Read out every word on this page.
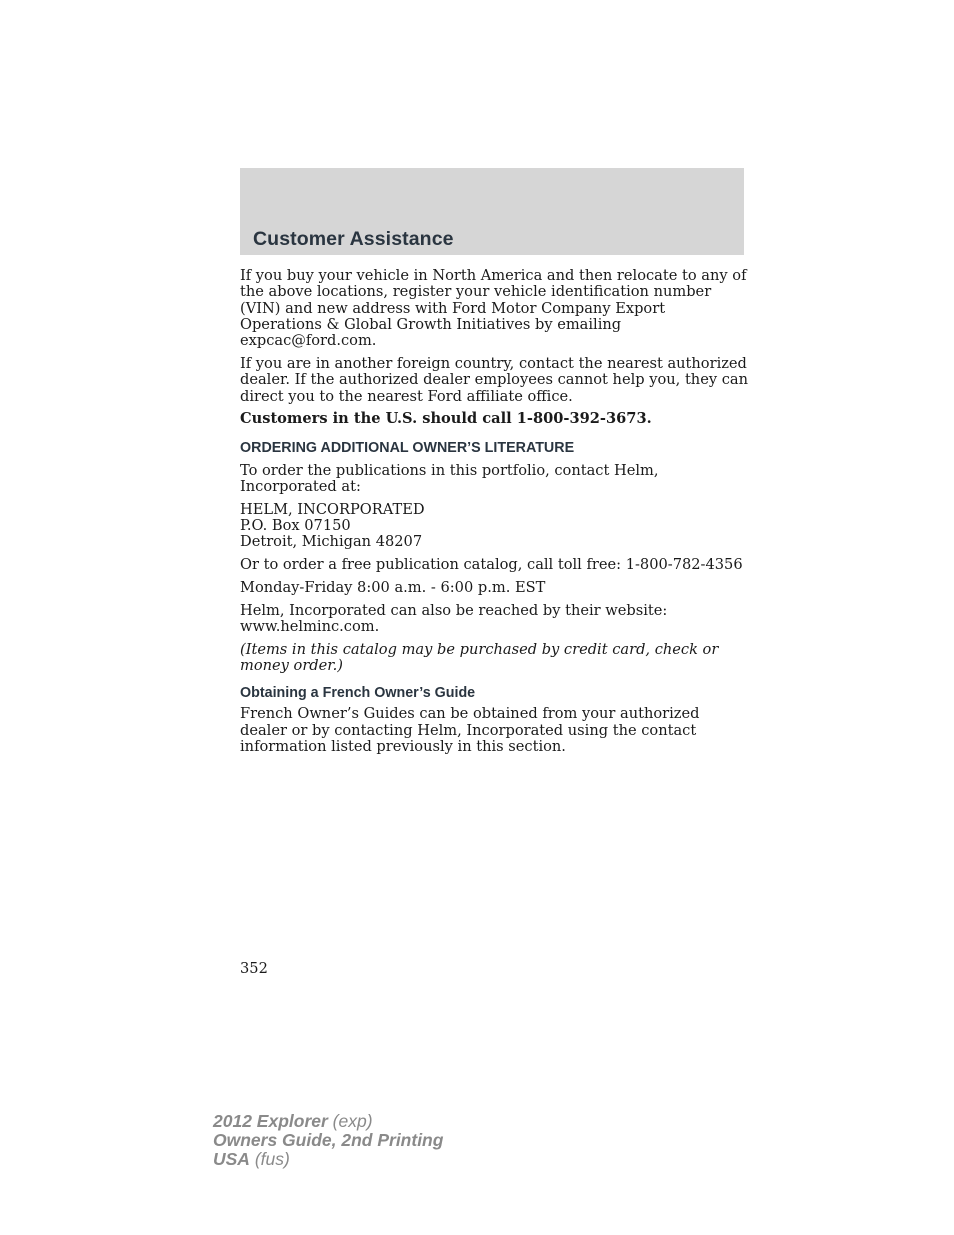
Customer Assistance

If you buy your vehicle in North America and then relocate to any of the above locations, register your vehicle identification number (VIN) and new address with Ford Motor Company Export Operations & Global Growth Initiatives by emailing expcac@ford.com.

If you are in another foreign country, contact the nearest authorized dealer. If the authorized dealer employees cannot help you, they can direct you to the nearest Ford affiliate office.

Customers in the U.S. should call 1-800-392-3673.

ORDERING ADDITIONAL OWNER’S LITERATURE

To order the publications in this portfolio, contact Helm, Incorporated at:

HELM, INCORPORATED
P.O. Box 07150
Detroit, Michigan 48207

Or to order a free publication catalog, call toll free: 1-800-782-4356

Monday-Friday 8:00 a.m. - 6:00 p.m. EST

Helm, Incorporated can also be reached by their website: www.helminc.com.

(Items in this catalog may be purchased by credit card, check or money order.)

Obtaining a French Owner’s Guide

French Owner’s Guides can be obtained from your authorized dealer or by contacting Helm, Incorporated using the contact information listed previously in this section.

352
2012 Explorer (exp)
Owners Guide, 2nd Printing
USA (fus)
